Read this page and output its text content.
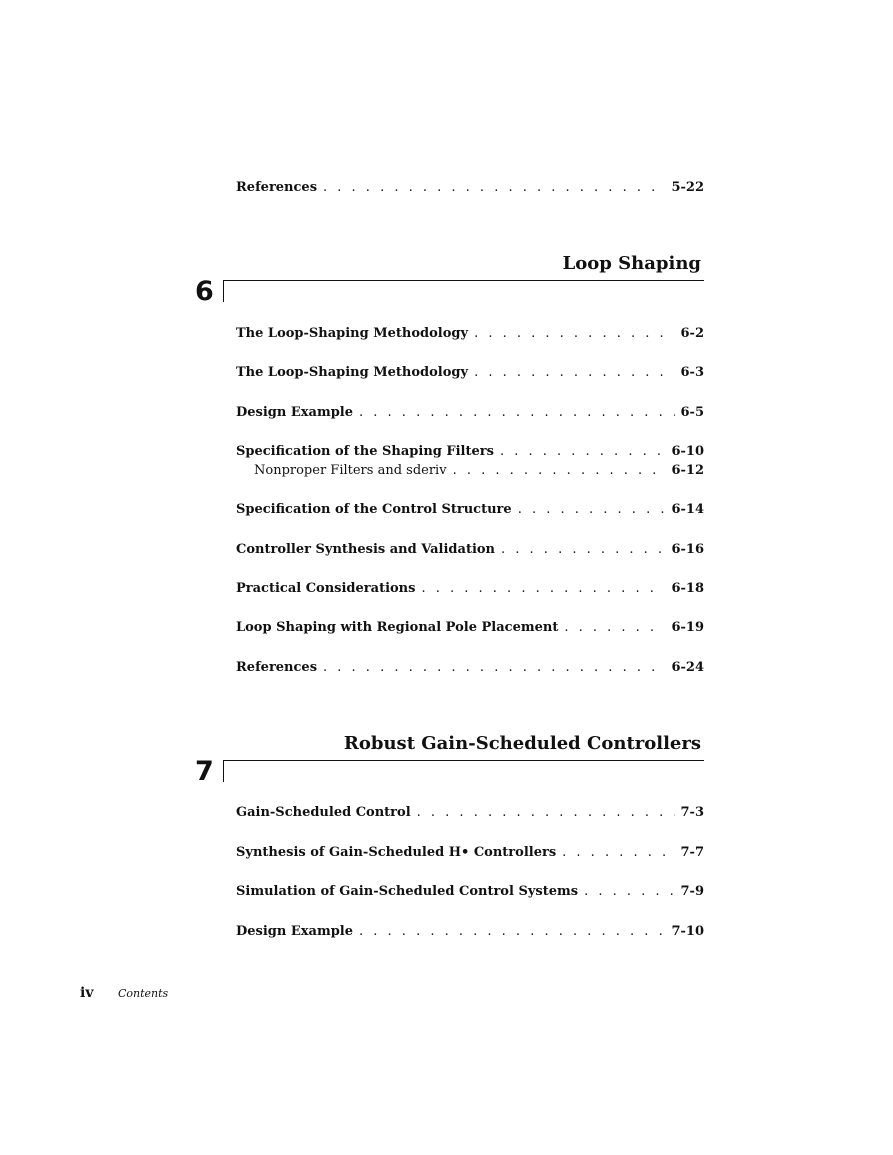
References . . .	5-22
Loop Shaping
6
The Loop-Shaping Methodology . . .	6-2
The Loop-Shaping Methodology . . .	6-3
Design Example . . .	6-5
Specification of the Shaping Filters . . .	6-10
Nonproper Filters and sderiv . . .	6-12
Specification of the Control Structure . . .	6-14
Controller Synthesis and Validation . . .	6-16
Practical Considerations . . .	6-18
Loop Shaping with Regional Pole Placement . . .	6-19
References . . .	6-24
Robust Gain-Scheduled Controllers
7
Gain-Scheduled Control . . .	7-3
Synthesis of Gain-Scheduled H• Controllers . . .	7-7
Simulation of Gain-Scheduled Control Systems . . .	7-9
Design Example . . .	7-10
iv Contents
